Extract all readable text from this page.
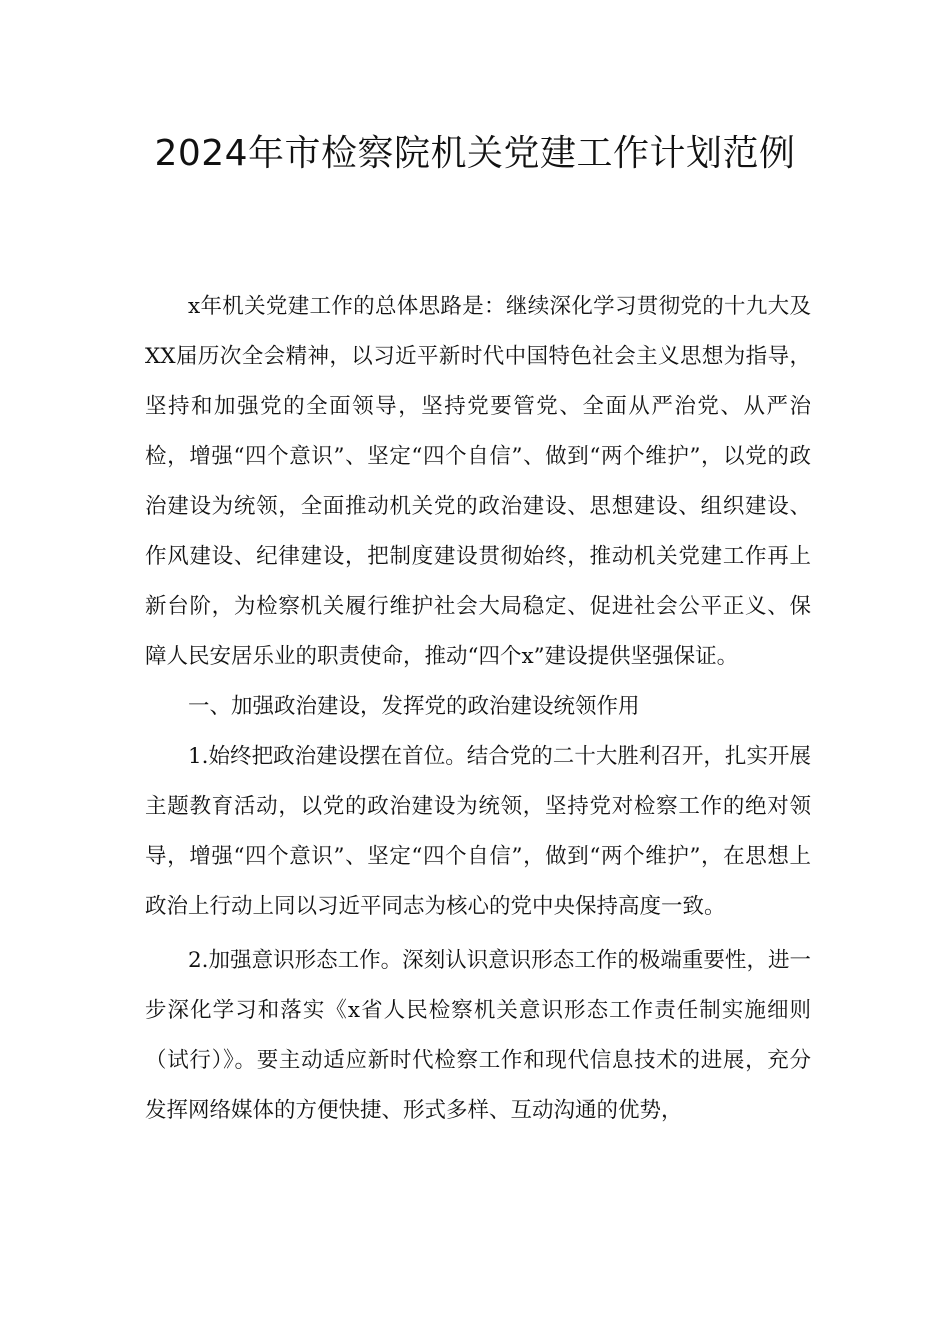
2024年市检察院机关党建工作计划范例

x年机关党建工作的总体思路是：继续深化学习贯彻党的十九大及XX届历次全会精神，以习近平新时代中国特色社会主义思想为指导，坚持和加强党的全面领导，坚持党要管党、全面从严治党、从严治检，增强“四个意识”、坚定“四个自信”、做到“两个维护”，以党的政治建设为统领，全面推动机关党的政治建设、思想建设、组织建设、作风建设、纪律建设，把制度建设贯彻始终，推动机关党建工作再上新台阶，为检察机关履行维护社会大局稳定、促进社会公平正义、保障人民安居乐业的职责使命，推动“四个x”建设提供坚强保证。

一、加强政治建设，发挥党的政治建设统领作用

1.始终把政治建设摆在首位。结合党的二十大胜利召开，扎实开展主题教育活动，以党的政治建设为统领，坚持党对检察工作的绝对领导，增强“四个意识”、坚定“四个自信”，做到“两个维护”，在思想上政治上行动上同以习近平同志为核心的党中央保持高度一致。

2.加强意识形态工作。深刻认识意识形态工作的极端重要性，进一步深化学习和落实《x省人民检察机关意识形态工作责任制实施细则（试行）》。要主动适应新时代检察工作和现代信息技术的进展，充分发挥网络媒体的方便快捷、形式多样、互动沟通的优势，
